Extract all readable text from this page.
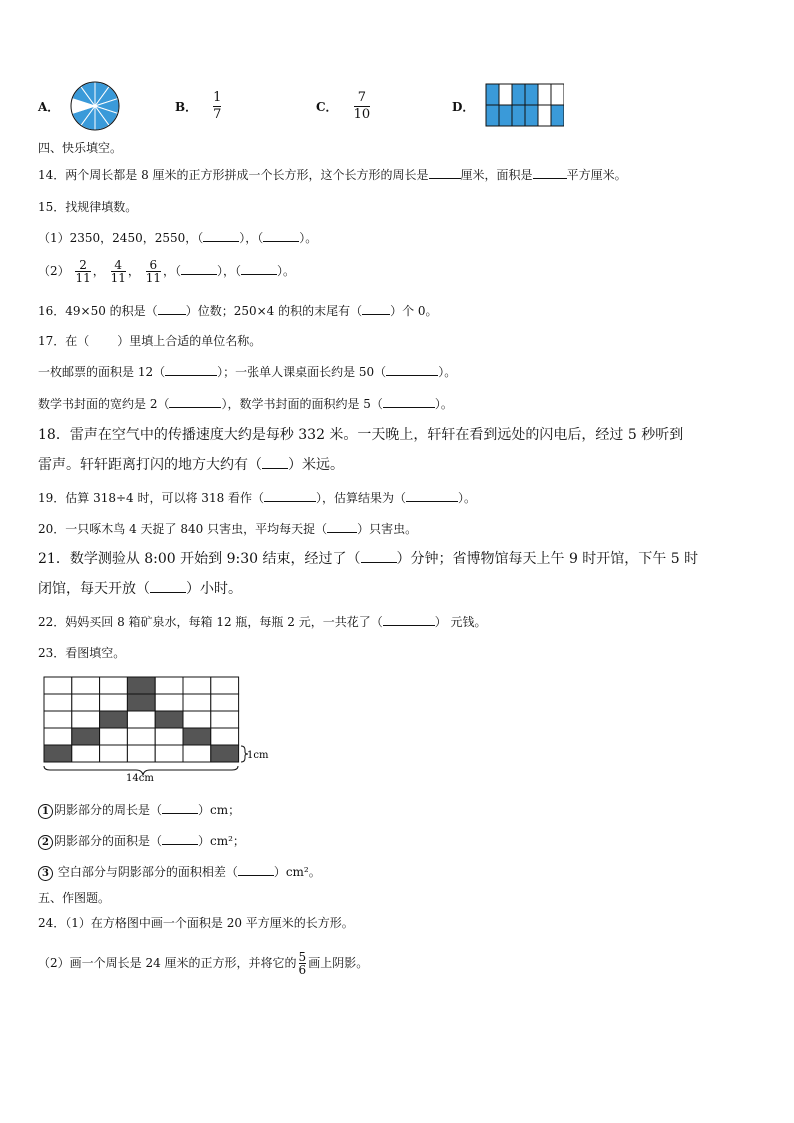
A．	B． $\frac{1}{7}$	C． $\frac{7}{10}$	D．
四、快乐填空。
14．两个周长都是 8 厘米的正方形拼成一个长方形，这个长方形的周长是	厘米，面积是	平方厘米。
15．找规律填数。
（1）2350，2450，2550，（	），（	）。
$(2) \frac{2}{11}$ ， $\frac{4}{11}$ ， $\frac{6}{11}$ ，（	），（	）。
16．49×50 的积是（ ）位数；250×4 的积的末尾有（ ）个 0。
17．在（ ）里填上合适的单位名称。
一枚邮票的面积是 12（	）；一张单人课桌面长约是 50（	）。
数学书封面的宽约是 2（	），数学书封面的面积约是 5（	）。
18．雷声在空气中的传播速度大约是每秒 332 米。一天晚上，轩轩在看到远处的闪电后，经过 5 秒听到
雷声。轩轩距离打闪的地方大约有（ ）米远。
19．估算 318÷4 时，可以将 318 看作（	），估算结果为（	）。
20．一只啄木鸟 4 天捉了 840 只害虫，平均每天捉（	）只害虫。
21．数学测验从 8:00 开始到 9:30 结束，经过了（	）分钟；省博物馆每天上午 9 时开馆，下午 5 时
闭馆，每天开放（	）小时。
22．妈妈买回 8 箱矿泉水，每箱 12 瓶，每瓶 2 元，一共花了（	） 元钱。
23．看图填空。
14cm
1cm
1 阴影部分的周长是（	）cm；
2 阴影部分的面积是（	）cm²；
3 空白部分与阴影部分的面积相差（	）cm²。
五、作图题。
24．（1）在方格图中画一个面积是 20 平方厘米的长方形。
（2）画一个周长是 24 厘米的正方形，并将它的 $\frac{5}{6}$ 画上阴影。
